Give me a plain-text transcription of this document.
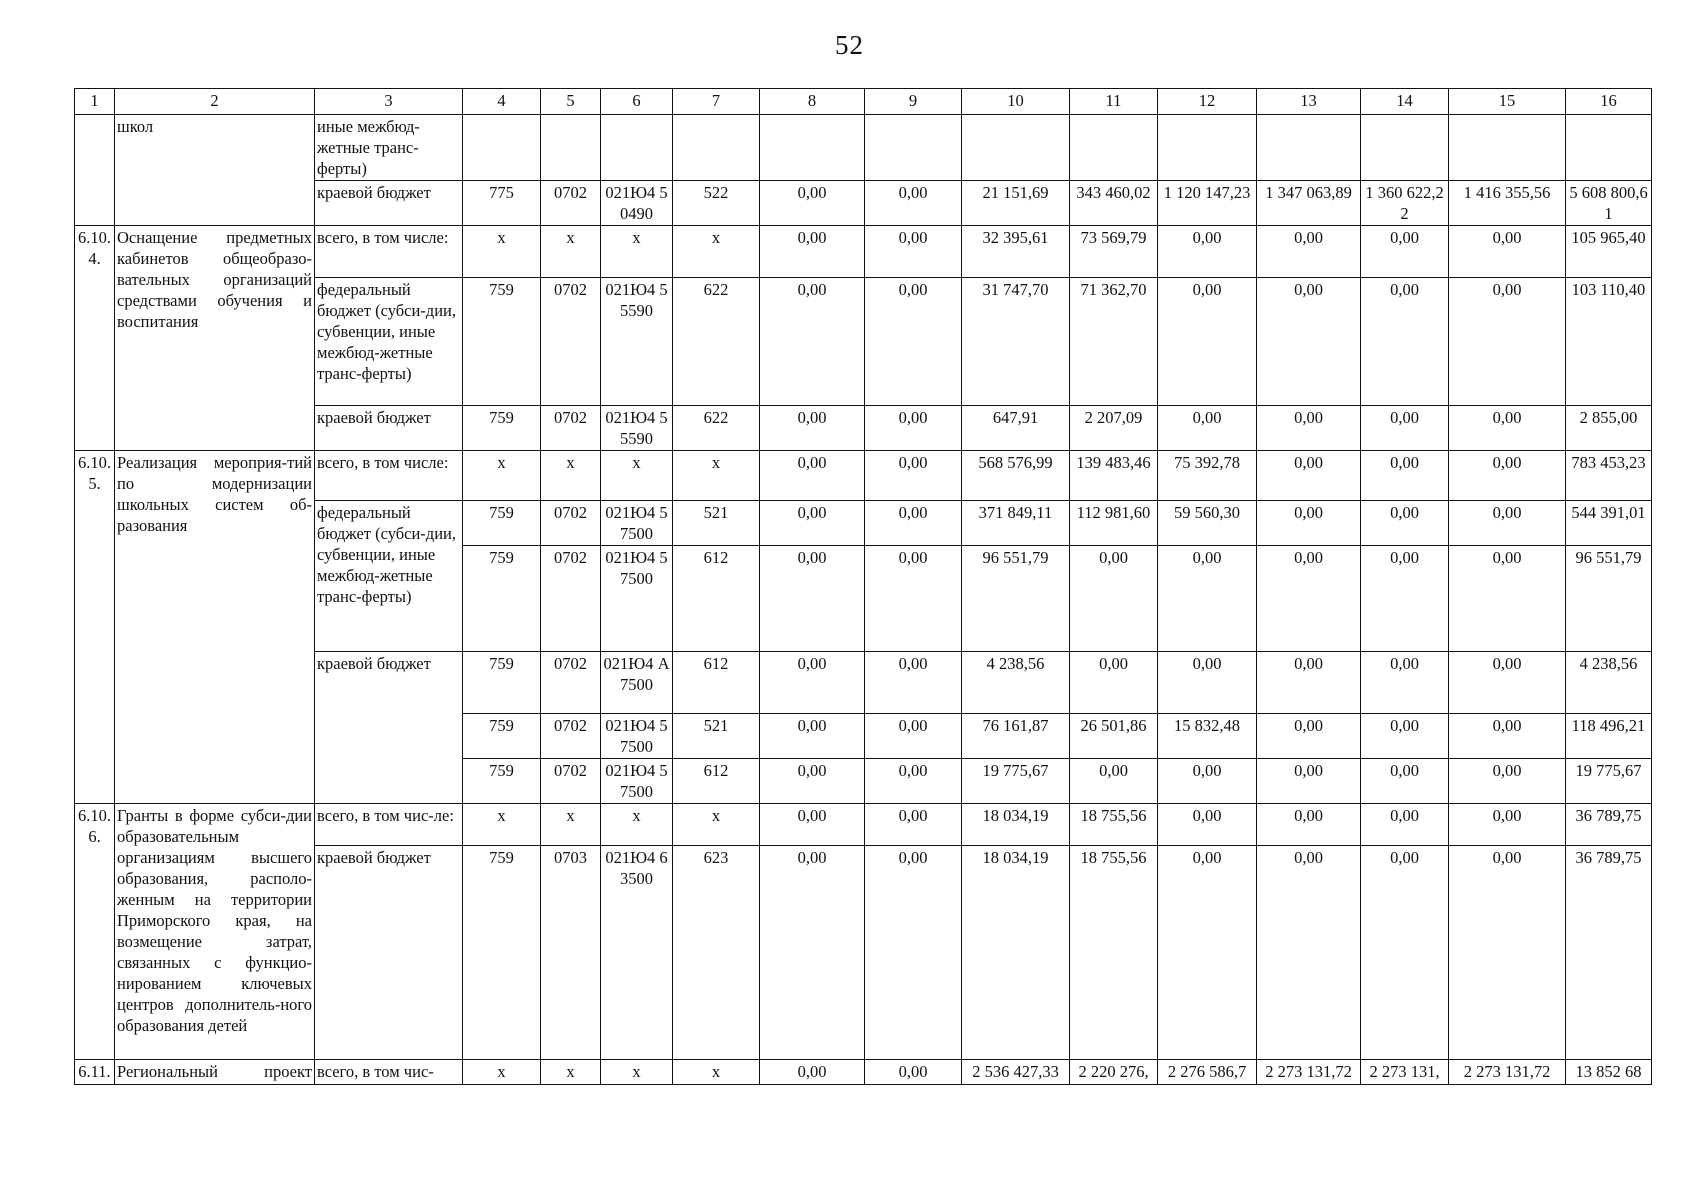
52
1	2	3	4	5	6	7	8	9	10	11	12	13	14	15	16
	школ	иные межбюд-жетные транс-ферты)													
		краевой бюджет	775	0702	021Ю4 50490	522	0,00	0,00	21 151,69	343 460,02	1 120 147,23	1 347 063,89	1 360 622,22	1 416 355,56	5 608 800,61
6.10.4.	Оснащение предметных кабинетов общеобразо-вательных организаций средствами обучения и воспитания	всего, в том числе:	x	x	x	x	0,00	0,00	32 395,61	73 569,79	0,00	0,00	0,00	0,00	105 965,40
		федеральный бюджет (субси-дии, субвенции, иные межбюд-жетные транс-ферты)	759	0702	021Ю4 55590	622	0,00	0,00	31 747,70	71 362,70	0,00	0,00	0,00	0,00	103 110,40
		краевой бюджет	759	0702	021Ю4 55590	622	0,00	0,00	647,91	2 207,09	0,00	0,00	0,00	0,00	2 855,00
6.10.5.	Реализация мероприя-тий по модернизации школьных систем об-разования	всего, в том числе:	x	x	x	x	0,00	0,00	568 576,99	139 483,46	75 392,78	0,00	0,00	0,00	783 453,23
		федеральный бюджет (субси-дии, субвенции, иные межбюд-жетные транс-ферты)	759	0702	021Ю4 57500	521	0,00	0,00	371 849,11	112 981,60	59 560,30	0,00	0,00	0,00	544 391,01
			759	0702	021Ю4 57500	612	0,00	0,00	96 551,79	0,00	0,00	0,00	0,00	0,00	96 551,79
		краевой бюджет	759	0702	021Ю4 A7500	612	0,00	0,00	4 238,56	0,00	0,00	0,00	0,00	0,00	4 238,56
			759	0702	021Ю4 57500	521	0,00	0,00	76 161,87	26 501,86	15 832,48	0,00	0,00	0,00	118 496,21
			759	0702	021Ю4 57500	612	0,00	0,00	19 775,67	0,00	0,00	0,00	0,00	0,00	19 775,67
6.10.6.	Гранты в форме субси-дии образовательным организациям высшего образования, располо-женным на территории Приморского края, на возмещение затрат, связанных с функцио-нированием ключевых центров дополнитель-ного образования детей	всего, в том чис-ле:	x	x	x	x	0,00	0,00	18 034,19	18 755,56	0,00	0,00	0,00	0,00	36 789,75
		краевой бюджет	759	0703	021Ю4 63500	623	0,00	0,00	18 034,19	18 755,56	0,00	0,00	0,00	0,00	36 789,75
6.11.	Региональный проект	всего, в том чис-	x	x	x	x	0,00	0,00	2 536 427,33	2 220 276,	2 276 586,7	2 273 131,72	2 273 131,	2 273 131,72	13 852 68
